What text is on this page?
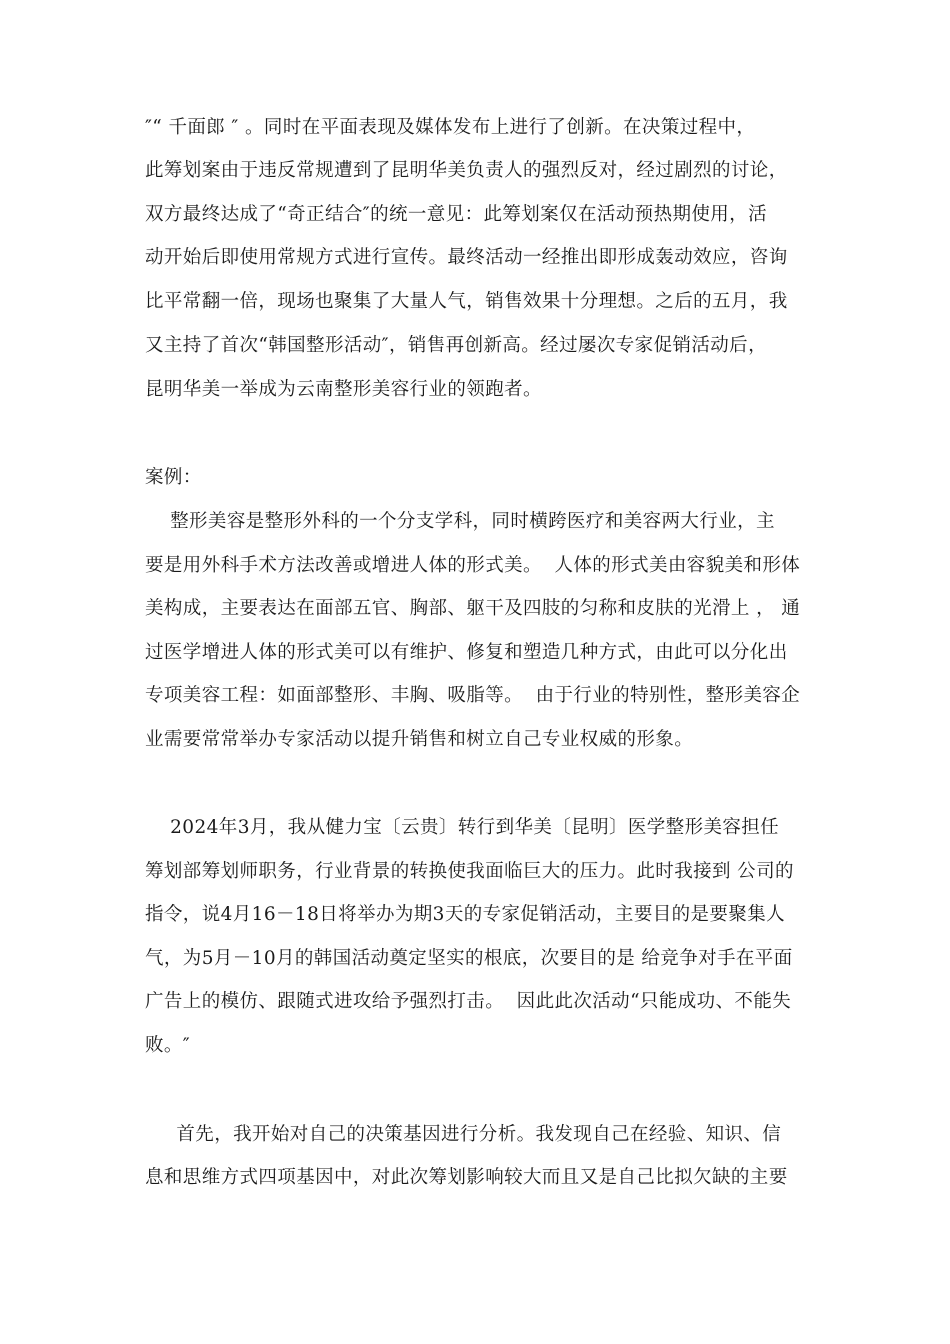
″“ 千面郎 ″ 。同时在平面表现及媒体发布上进行了创新。在决策过程中，
此筹划案由于违反常规遭到了昆明华美负责人的强烈反对，经过剧烈的讨论，
双方最终达成了“奇正结合″的统一意见：此筹划案仅在活动预热期使用，活
动开始后即使用常规方式进行宣传。最终活动一经推出即形成轰动效应，咨询
比平常翻一倍，现场也聚集了大量人气，销售效果十分理想。之后的五月，我
又主持了首次“韩国整形活动″，销售再创新高。经过屡次专家促销活动后，
昆明华美一举成为云南整形美容行业的领跑者。
案例：
整形美容是整形外科的一个分支学科，同时横跨医疗和美容两大行业，主
要是用外科手术方法改善或增进人体的形式美。  人体的形式美由容貌美和形体
美构成，主要表达在面部五官、胸部、躯干及四肢的匀称和皮肤的光滑上 ， 通
过医学增进人体的形式美可以有维护、修复和塑造几种方式，由此可以分化出
专项美容工程：如面部整形、丰胸、吸脂等。  由于行业的特别性，整形美容企
业需要常常举办专家活动以提升销售和树立自己专业权威的形象。
2024年3月，我从健力宝〔云贵〕转行到华美〔昆明〕医学整形美容担任
筹划部筹划师职务，行业背景的转换使我面临巨大的压力。此时我接到 公司的
指令，说4月16－18日将举办为期3天的专家促销活动，主要目的是要聚集人
气，为5月－10月的韩国活动奠定坚实的根底，次要目的是 给竞争对手在平面
广告上的模仿、跟随式进攻给予强烈打击。  因此此次活动“只能成功、不能失
败。″
首先，我开始对自己的决策基因进行分析。我发现自己在经验、知识、信
息和思维方式四项基因中，对此次筹划影响较大而且又是自己比拟欠缺的主要
